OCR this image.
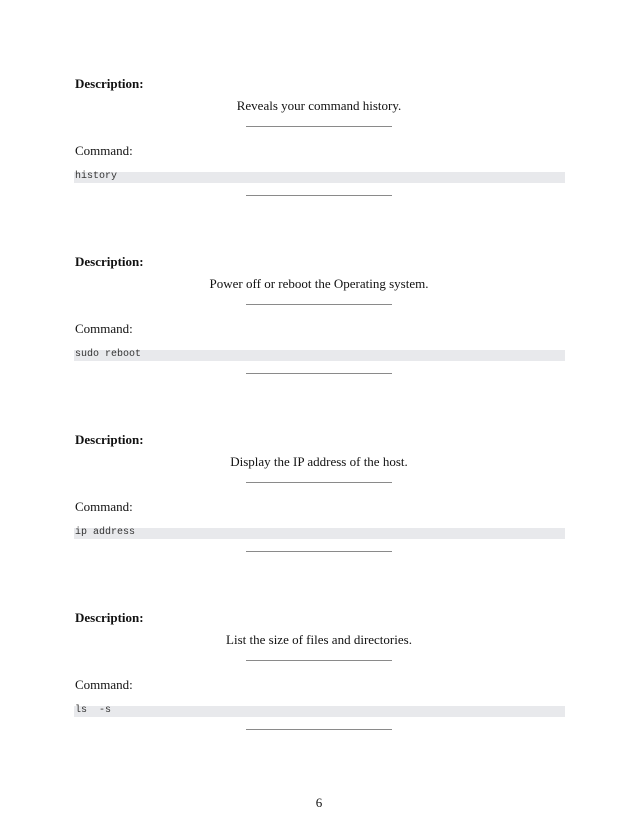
Description:
Reveals your command history.
Command:
history
Description:
Power off or reboot the Operating system.
Command:
sudo reboot
Description:
Display the IP address of the host.
Command:
ip address
Description:
List the size of files and directories.
Command:
ls  -s
6
